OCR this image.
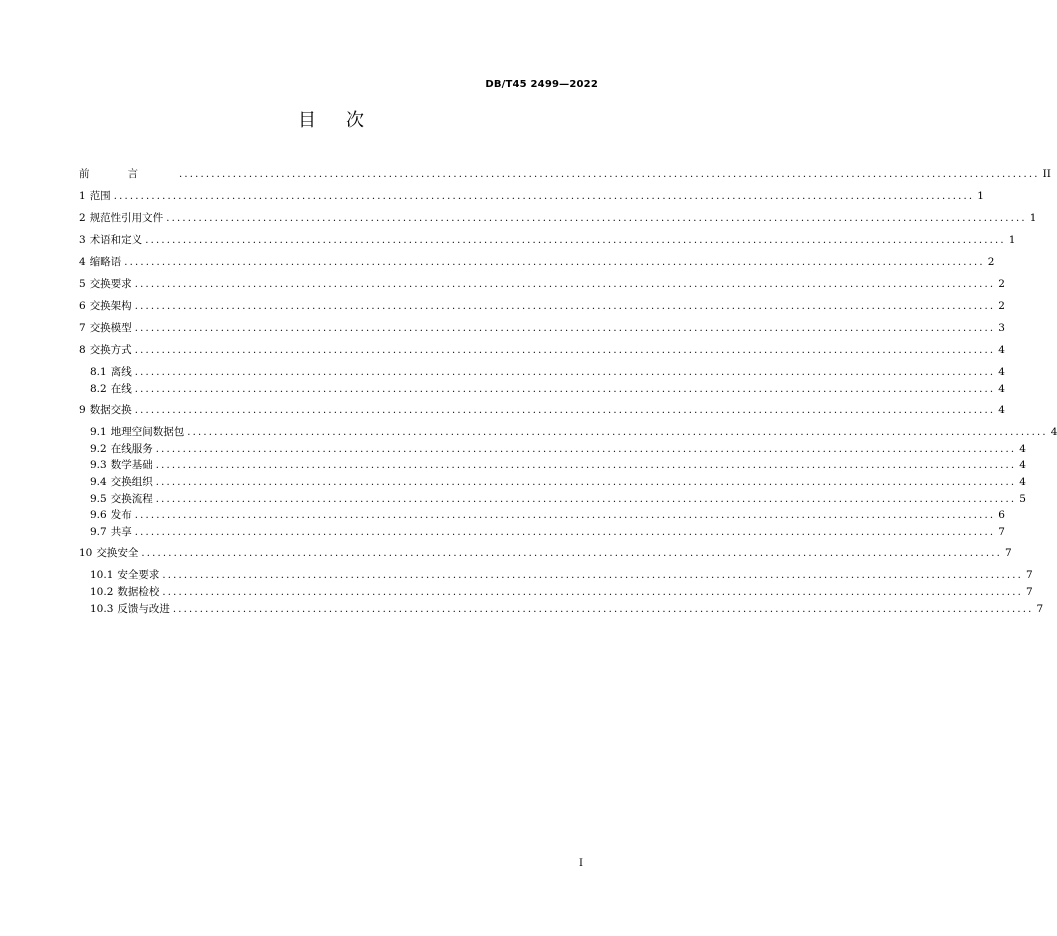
DB/T45 2499—2022
目次
前言 ................................................................................................................................................................ II
1 范围 ................................................................................................................................................................ 1
2 规范性引用文件 ................................................................................................................................................................ 1
3 术语和定义 ................................................................................................................................................................ 1
4 缩略语 ................................................................................................................................................................ 2
5 交换要求 ................................................................................................................................................................ 2
6 交换架构 ................................................................................................................................................................ 2
7 交换模型 ................................................................................................................................................................ 3
8 交换方式 ................................................................................................................................................................ 4
8.1 离线 ................................................................................................................................................................ 4
8.2 在线 ................................................................................................................................................................ 4
9 数据交换 ................................................................................................................................................................ 4
9.1 地理空间数据包 ................................................................................................................................................................ 4
9.2 在线服务 ................................................................................................................................................................ 4
9.3 数学基础 ................................................................................................................................................................ 4
9.4 交换组织 ................................................................................................................................................................ 4
9.5 交换流程 ................................................................................................................................................................ 5
9.6 发布 ................................................................................................................................................................ 6
9.7 共享 ................................................................................................................................................................ 7
10 交换安全 ................................................................................................................................................................ 7
10.1 安全要求 ................................................................................................................................................................ 7
10.2 数据检校 ................................................................................................................................................................ 7
10.3 反馈与改进 ................................................................................................................................................................ 7
I
